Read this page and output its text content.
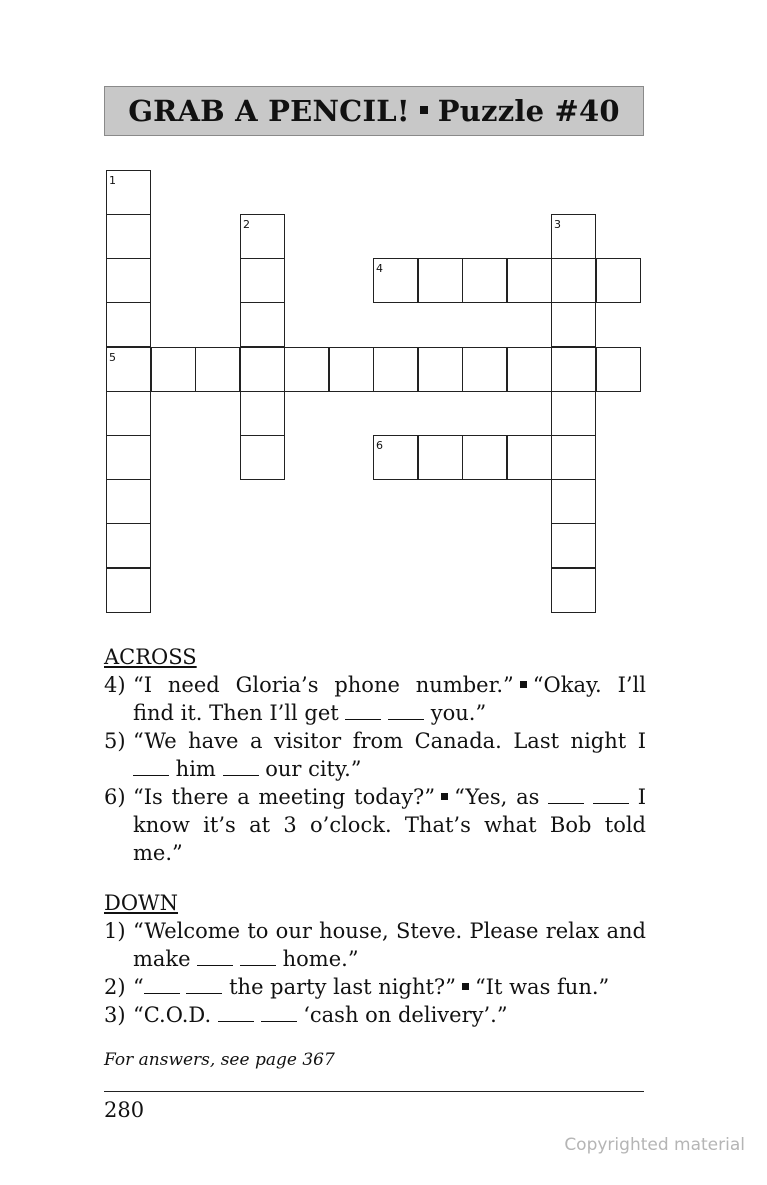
GRAB A PENCIL! Puzzle #40
1
5
2	3
4
6
ACROSS
4) “I need Gloria’s phone number.” “Okay. I’ll find it. Then I’ll get	you.”
5) “We have a visitor from Canada. Last night I  him  our city.”
6) “Is there a meeting today?” “Yes, as	I know it’s at 3 o’clock. That’s what Bob told me.”
DOWN
1) “Welcome to our house, Steve. Please relax and make	home.”
2) “	the party last night?” “It was fun.”
3) “C.O.D.	‘cash on delivery’.”
For answers, see page 367
280
Copyrighted material
